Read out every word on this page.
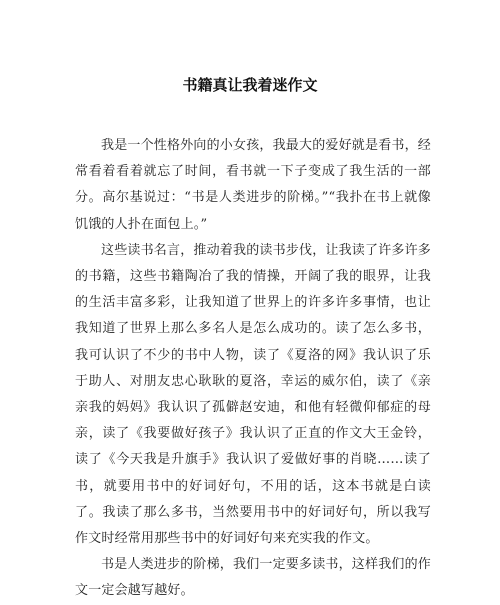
书籍真让我着迷作文

我是一个性格外向的小女孩，我最大的爱好就是看书，经常看着看着就忘了时间，看书就一下子变成了我生活的一部分。高尔基说过：“书是人类进步的阶梯。”“我扑在书上就像饥饿的人扑在面包上。”

这些读书名言，推动着我的读书步伐，让我读了许多许多的书籍，这些书籍陶冶了我的情操，开阔了我的眼界，让我的生活丰富多彩，让我知道了世界上的许多许多事情，也让我知道了世界上那么多名人是怎么成功的。读了怎么多书，我可认识了不少的书中人物，读了《夏洛的网》我认识了乐于助人、对朋友忠心耿耿的夏洛，幸运的威尔伯，读了《亲亲我的妈妈》我认识了孤僻赵安迪，和他有轻微仰郁症的母亲，读了《我要做好孩子》我认识了正直的作文大王金铃，读了《今天我是升旗手》我认识了爱做好事的肖晓……读了书，就要用书中的好词好句，不用的话，这本书就是白读了。我读了那么多书，当然要用书中的好词好句，所以我写作文时经常用那些书中的好词好句来充实我的作文。

书是人类进步的阶梯，我们一定要多读书，这样我们的作文一定会越写越好。
